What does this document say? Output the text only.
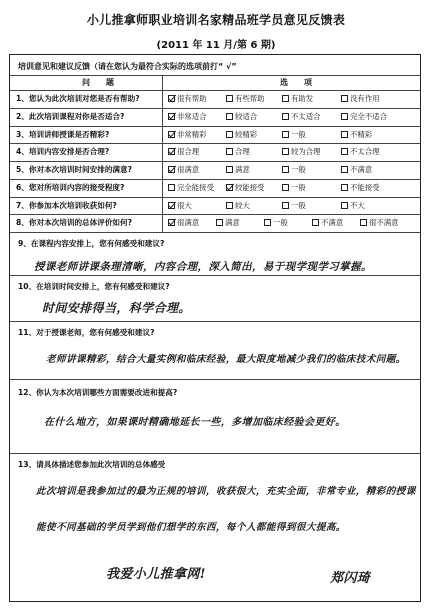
小儿推拿师职业培训名家精品班学员意见反馈表
(2011 年 11 月/第 6 期)
培训意见和建议反馈（请在您认为最符合实际的选项前打“ √”
问　　题	选　　项
1、您认为此次培训对您是否有帮助?	很有帮助	有些帮助	有助发	没有作用
2、此次培训课程对你是否适合?	非常适合	较适合	不太适合	完全不适合
3、培训讲师授课是否精彩?	非常精彩	较精彩	一般	不精彩
4、培训内容安排是否合理?	很合理	合理	较为合理	不太合理
5、你对本次培训时间安排的满意?	很满意	满意	一般	不满意
6、您对所培训内容的接受程度?	完全能接受	较能接受	一般	不能接受
7、你参加本次培训收获如何?	很大	较大	一般	不大
8、你对本次培训的总体评价如何?	很满意	满意	一般	不满意	很不满意
9、在课程内容安排上，您有何感受和建议?
授课老师讲课条理清晰，内容合理，深入简出，易于现学现学习掌握。
10、在培训时间安排上，您有何感受和建议?
时间安排得当，科学合理。
11、对于授课老师，您有何感受和建议?
老师讲课精彩，结合大量实例和临床经验，最大限度地减少我们的临床技术问题。
12、你认为本次培训哪些方面需要改进和提高?
在什么地方，如果课时精确地延长一些，多增加临床经验会更好。
13、请具体描述您参加此次培训的总体感受
此次培训是我参加过的最为正规的培训，收获很大，充实全面，非常专业，精彩的授课
能使不同基础的学员学到他们想学的东西，每个人都能得到很大提高。
我爱小儿推拿网!	郑闪琦
